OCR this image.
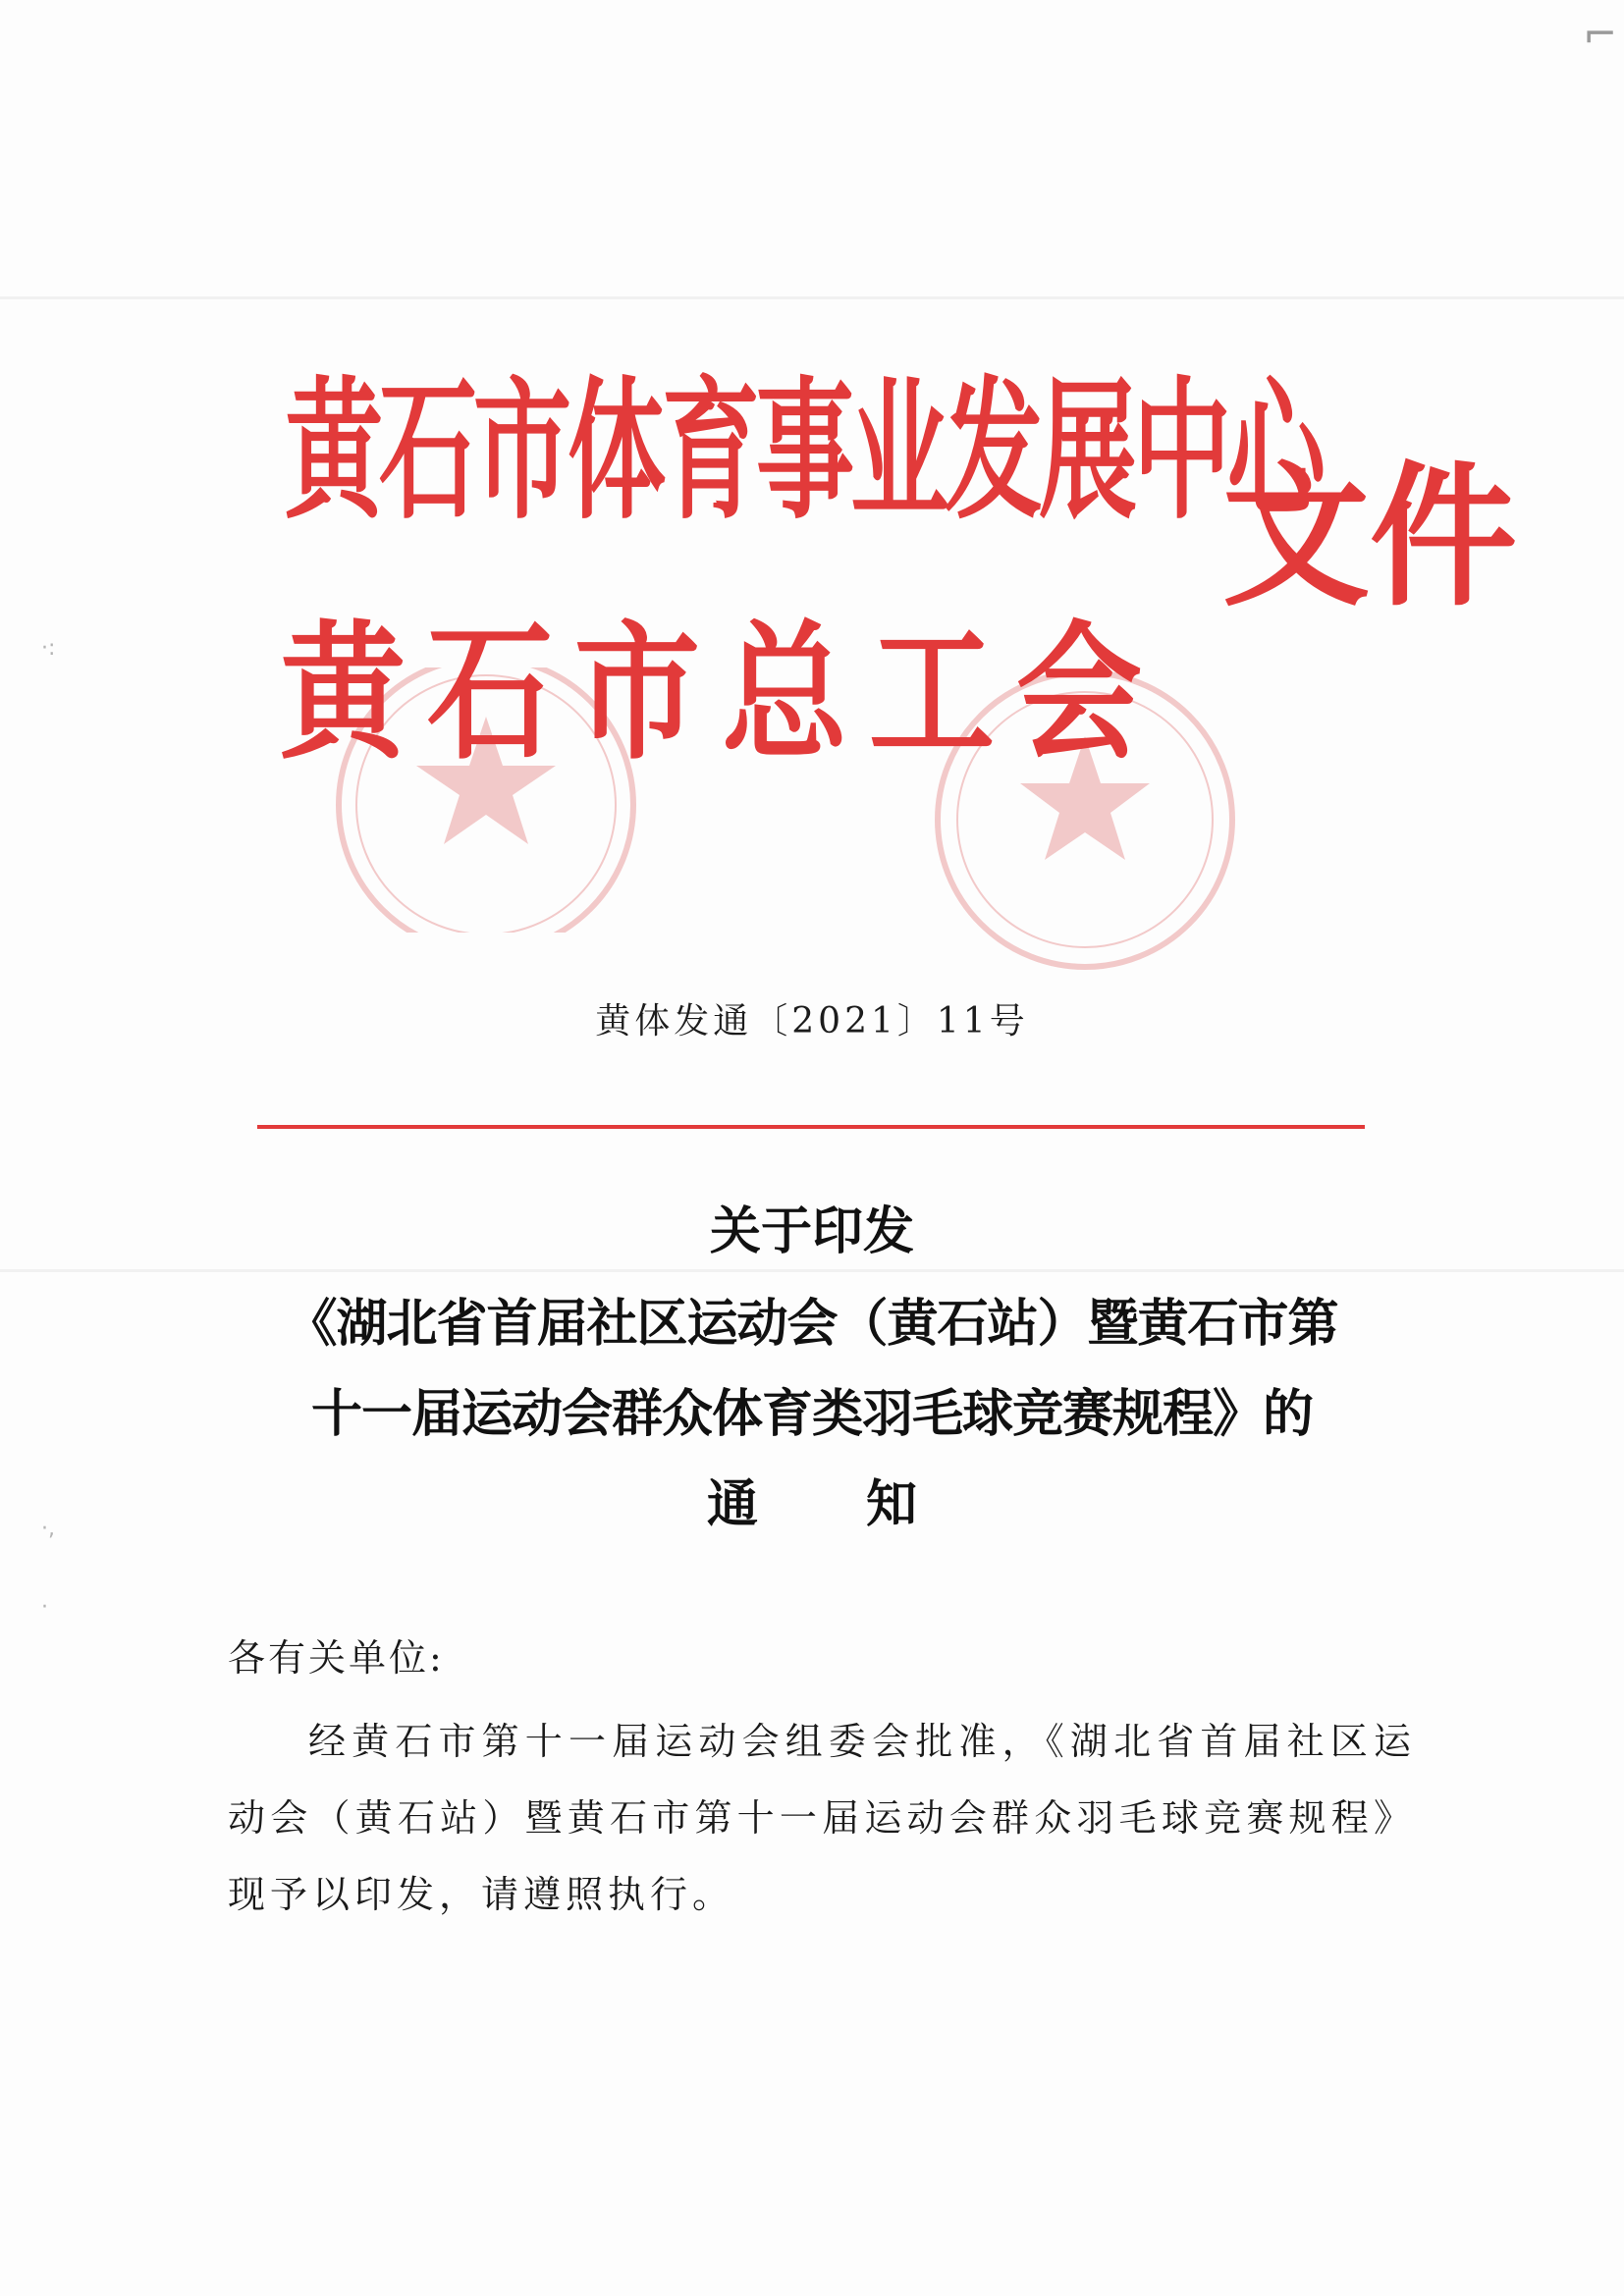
⌐
·:
·,
·
黄石市体育事业发展中心
黄石市总工会
文件
黄体发通〔2021〕11号
关于印发
《湖北省首届社区运动会（黄石站）暨黄石市第
十一届运动会群众体育类羽毛球竞赛规程》的
通知
各有关单位:
经黄石市第十一届运动会组委会批准，《湖北省首届社区运动会（黄石站）暨黄石市第十一届运动会群众羽毛球竞赛规程》现予以印发，请遵照执行。
